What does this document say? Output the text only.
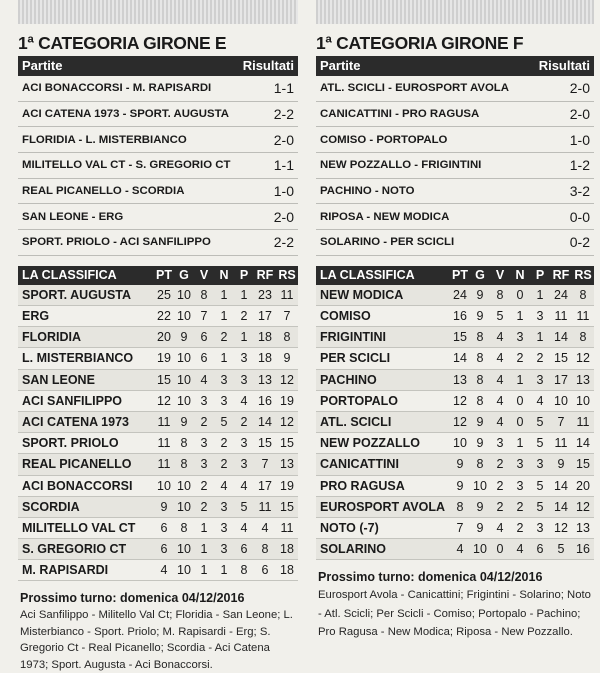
1ª CATEGORIA GIRONE E
Partite	Risultati
ACI BONACCORSI - M. RAPISARDI	1-1
ACI CATENA 1973 - SPORT. AUGUSTA	2-2
FLORIDIA - L. MISTERBIANCO	2-0
MILITELLO VAL CT - S. GREGORIO CT	1-1
REAL PICANELLO - SCORDIA	1-0
SAN LEONE - ERG	2-0
SPORT. PRIOLO - ACI SANFILIPPO	2-2
LA CLASSIFICA	PT G V N P RF RS
SPORT. AUGUSTA	25 10 8	1	1 23 11
ERG	22 10 7	1	2 17 7
FLORIDIA	20 9	6	2	1 18 8
L. MISTERBIANCO	19 10 6	1	3 18 9
SAN LEONE	15 10 4	3	3 13 12
ACI SANFILIPPO	12 10 3	3	4 16 19
ACI CATENA 1973	11 9	2	5	2 14 12
SPORT. PRIOLO	11 8	3	2	3 15 15
REAL PICANELLO	11 8	3	2	3	7 13
ACI BONACCORSI	10 10 2	4	4 17 19
SCORDIA	9 10 2	3	5 11 15
MILITELLO VAL CT	6	8	1	3	4	4 11
S. GREGORIO CT	6 10 1	3	6	8 18
M. RAPISARDI	4 10 1	1	8	6 18
Prossimo turno: domenica 04/12/2016
Aci Sanfilippo - Militello Val Ct; Floridia - San Leone; L. Misterbianco - Sport. Priolo; M. Rapisardi - Erg; S. Gregorio Ct - Real Picanello; Scordia - Aci Catena 1973; Sport. Augusta - Aci Bonaccorsi.
1ª CATEGORIA GIRONE F
Partite	Risultati
ATL. SCICLI - EUROSPORT AVOLA	2-0
CANICATTINI - PRO RAGUSA	2-0
COMISO - PORTOPALO	1-0
NEW POZZALLO - FRIGINTINI	1-2
PACHINO - NOTO	3-2
RIPOSA - NEW MODICA	0-0
SOLARINO - PER SCICLI	0-2
LA CLASSIFICA	PT G V N P RF RS
NEW MODICA	24 9	8	0	1 24 8
COMISO	16 9	5	1	3 11 11
FRIGINTINI	15 8	4	3	1 14 8
PER SCICLI	14 8	4	2	2 15 12
PACHINO	13 8	4	1	3 17 13
PORTOPALO	12 8	4	0	4 10 10
ATL. SCICLI	12 9	4	0	5	7 11
NEW POZZALLO	10 9	3	1	5 11 14
CANICATTINI	9	8	2	3	3	9 15
PRO RAGUSA	9 10 2	3	5 14 20
EUROSPORT AVOLA 8	9	2	2	5 14 12
NOTO (-7)	7	9	4	2	3 12 13
SOLARINO	4 10 0	4	6	5 16
Prossimo turno: domenica 04/12/2016
Eurosport Avola - Canicattini; Frigintini - Solarino; Noto - Atl. Scicli; Per Scicli - Comiso; Portopalo - Pachino; Pro Ragusa - New Modica; Riposa - New Pozzallo.
